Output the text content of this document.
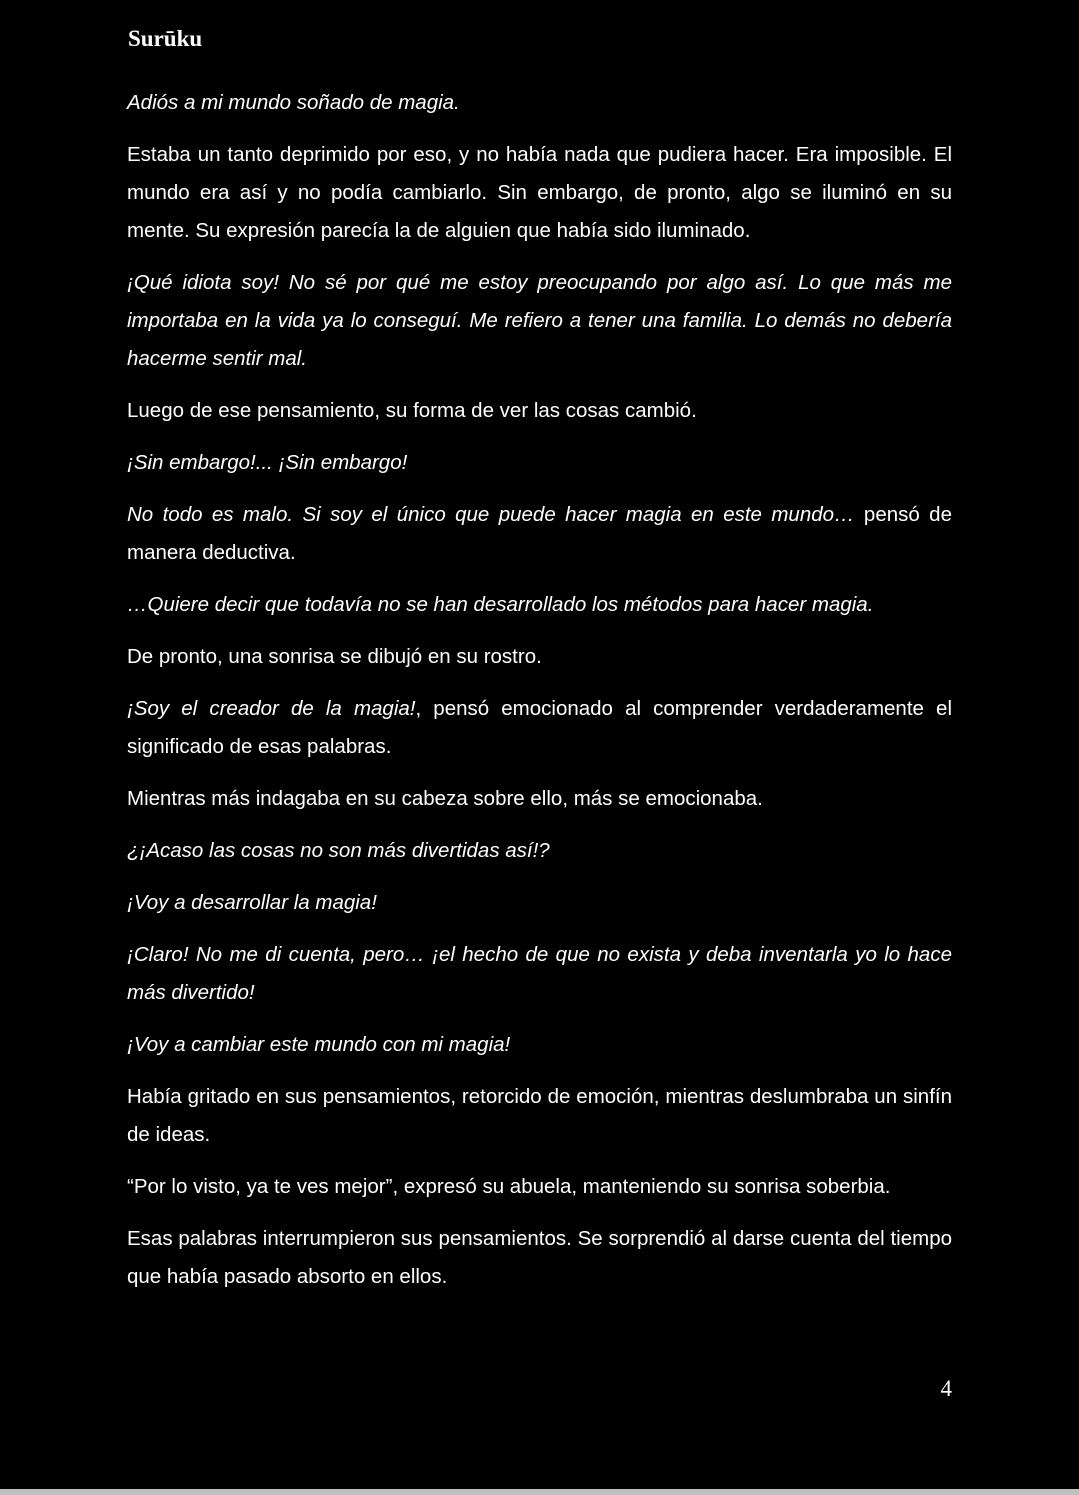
Surūku

Adiós a mi mundo soñado de magia.

Estaba un tanto deprimido por eso, y no había nada que pudiera hacer. Era imposible. El mundo era así y no podía cambiarlo. Sin embargo, de pronto, algo se iluminó en su mente. Su expresión parecía la de alguien que había sido iluminado.

¡Qué idiota soy! No sé por qué me estoy preocupando por algo así. Lo que más me importaba en la vida ya lo conseguí. Me refiero a tener una familia. Lo demás no debería hacerme sentir mal.

Luego de ese pensamiento, su forma de ver las cosas cambió.

¡Sin embargo!... ¡Sin embargo!

No todo es malo. Si soy el único que puede hacer magia en este mundo… pensó de manera deductiva.

…Quiere decir que todavía no se han desarrollado los métodos para hacer magia.

De pronto, una sonrisa se dibujó en su rostro.

¡Soy el creador de la magia!, pensó emocionado al comprender verdaderamente el significado de esas palabras.

Mientras más indagaba en su cabeza sobre ello, más se emocionaba.

¿¡Acaso las cosas no son más divertidas así!?

¡Voy a desarrollar la magia!

¡Claro! No me di cuenta, pero… ¡el hecho de que no exista y deba inventarla yo lo hace más divertido!

¡Voy a cambiar este mundo con mi magia!

Había gritado en sus pensamientos, retorcido de emoción, mientras deslumbraba un sinfín de ideas.

“Por lo visto, ya te ves mejor”, expresó su abuela, manteniendo su sonrisa soberbia.

Esas palabras interrumpieron sus pensamientos. Se sorprendió al darse cuenta del tiempo que había pasado absorto en ellos.

4
